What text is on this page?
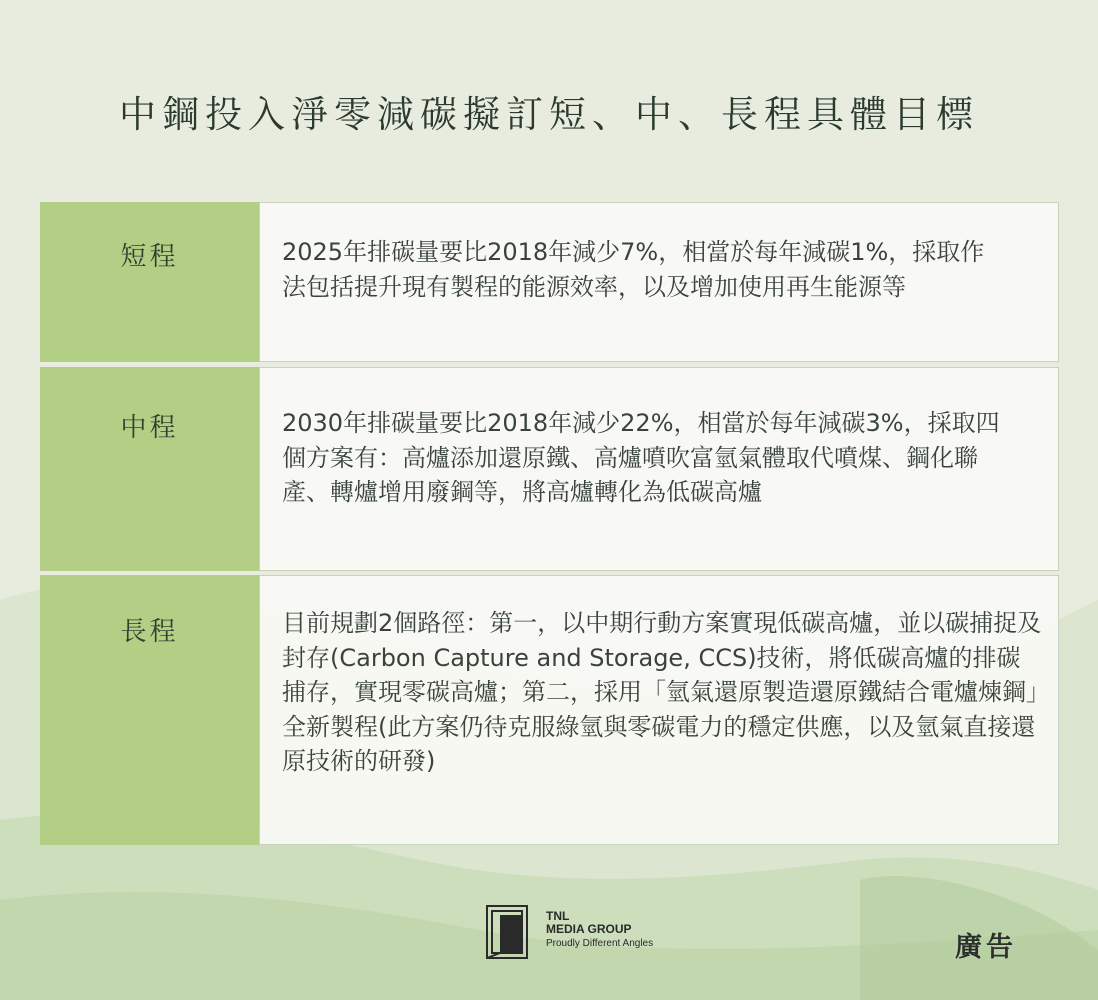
中鋼投入淨零減碳擬訂短、中、長程具體目標
短程	2025年排碳量要比2018年減少7%，相當於每年減碳1%，採取作法包括提升現有製程的能源效率，以及增加使用再生能源等

中程	2030年排碳量要比2018年減少22%，相當於每年減碳3%，採取四個方案有：高爐添加還原鐵、高爐噴吹富氫氣體取代噴煤、鋼化聯產、轉爐增用廢鋼等，將高爐轉化為低碳高爐

長程	目前規劃2個路徑：第一，以中期行動方案實現低碳高爐，並以碳捕捉及封存(Carbon Capture and Storage, CCS)技術，將低碳高爐的排碳捕存，實現零碳高爐；第二，採用「氫氣還原製造還原鐵結合電爐煉鋼」全新製程(此方案仍待克服綠氫與零碳電力的穩定供應，以及氫氣直接還原技術的研發)

TNL
MEDIA GROUP
Proudly Different Angles	廣告
